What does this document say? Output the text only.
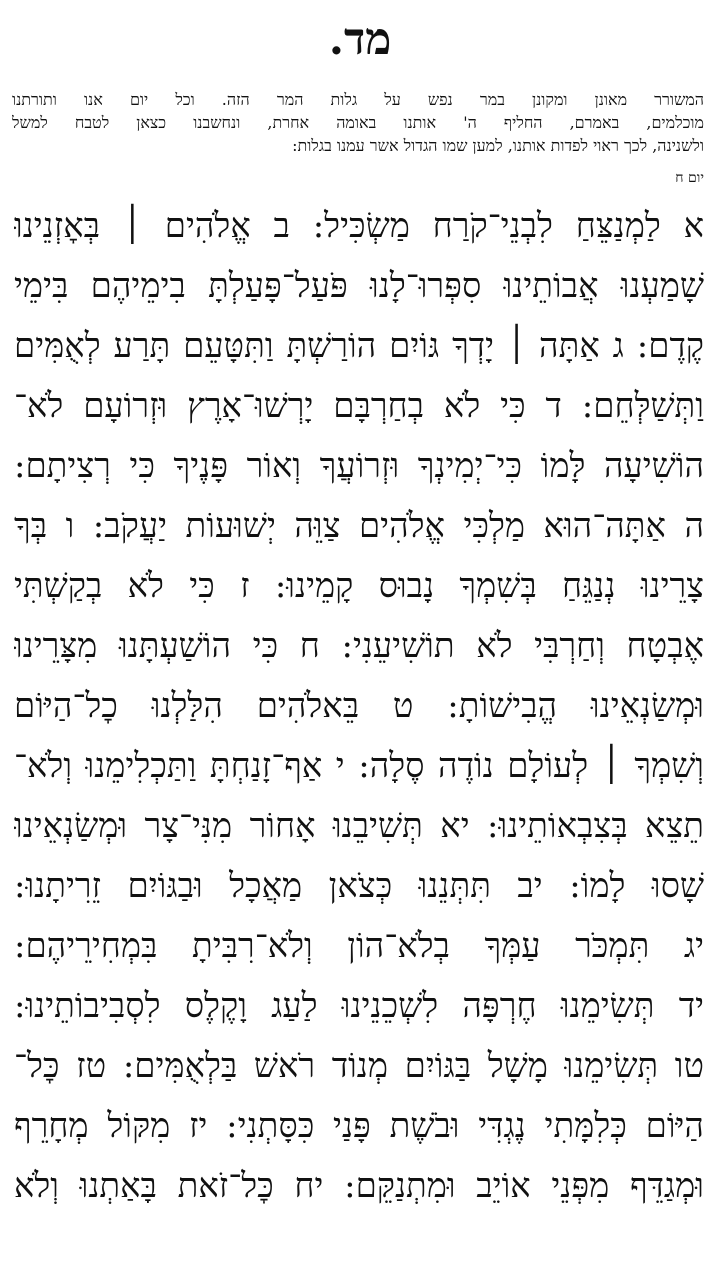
מד.
המשורר מאונן ומקונן במר נפש על גלות המר הזה. וכל יום אנו ותורתנו
מוכלמים, באמרם, החליף ה' אותנו באומה אחרת, ונחשבנו כצאן לטבח למשל
ולשנינה, לכך ראוי לפדות אותנו, למען שמו הגדול אשר עמנו בגלות:
יום ח
א לַמְנַצֵּחַ לִבְנֵי־קֹרַח מַשְׂכִּיל: ב אֱלֹהִים ׀ בְּאׇזְנֵינוּ
שָׁמַעְנוּ אֲבוֹתֵינוּ סִפְּרוּ־לָנוּ פֹּעַל־פָּעַלְתָּ בִימֵיהֶם בִּימֵי
קֶדֶם: ג אַתָּה ׀ יָדְךָ גּוֹיִם הוֹרַשְׁתָּ וַתִּטָּעֵם תָּרַע לְאֻמִּים
וַתְּשַׁלְּחֵם: ד כִּי לֹא בְחַרְבָּם יָרְשׁוּ־אָרֶץ וּזְרוֹעָם לֹא־
הוֹשִׁיעָה לָּמוֹ כִּי־יְמִינְךָ וּזְרוֹעֲךָ וְאוֹר פָּנֶיךָ כִּי רְצִיתָם:
ה אַתָּה־הוּא מַלְכִּי אֱלֹהִים צַוֵּה יְשׁוּעוֹת יַעֲקֹב: ו בְּךָ
צָרֵינוּ נְנַגֵּחַ בְּשִׁמְךָ נָבוּס קָמֵינוּ: ז כִּי לֹא בְקַשְׁתִּי
אֶבְטָח וְחַרְבִּי לֹא תוֹשִׁיעֵנִי: ח כִּי הוֹשַׁעְתָּנוּ מִצָּרֵינוּ
וּמְשַׂנְאֵינוּ הֱבִישׁוֹתָ: ט בֵּאלֹהִים הִלַּלְנוּ כׇל־הַיּוֹם
וְשִׁמְךָ ׀ לְעוֹלָם נוֹדֶה סֶלָה: י אַף־זָנַחְתָּ וַתַּכְלִימֵנוּ וְלֹא־
תֵצֵא בְּצִבְאוֹתֵינוּ: יא תְּשִׁיבֵנוּ אָחוֹר מִנִּי־צָר וּמְשַׂנְאֵינוּ
שָׁסוּ לָמוֹ: יב תִּתְּנֵנוּ כְּצֹאן מַאֲכָל וּבַגּוֹיִם זֵרִיתָנוּ:
יג תִּמְכֹּר עַמְּךָ בְלֹא־הוֹן וְלֹא־רִבִּיתָ בִּמְחִירֵיהֶם:
יד תְּשִׂימֵנוּ חֶרְפָּה לִשְׁכֵנֵינוּ לַעַג וָקֶלֶס לִסְבִיבוֹתֵינוּ:
טו תְּשִׂימֵנוּ מָשָׁל בַּגּוֹיִם מְנוֹד רֹאשׁ בַּלְאֻמִּים: טז כׇּל־
הַיּוֹם כְּלִמָּתִי נֶגְדִּי וּבֹשֶׁת פָּנַי כִּסָּתְנִי: יז מִקּוֹל מְחָרֵף
וּמְגַדֵּף מִפְּנֵי אוֹיֵב וּמִתְנַקֵּם: יח כׇּל־זֹאת בָּאַתְנוּ וְלֹא
